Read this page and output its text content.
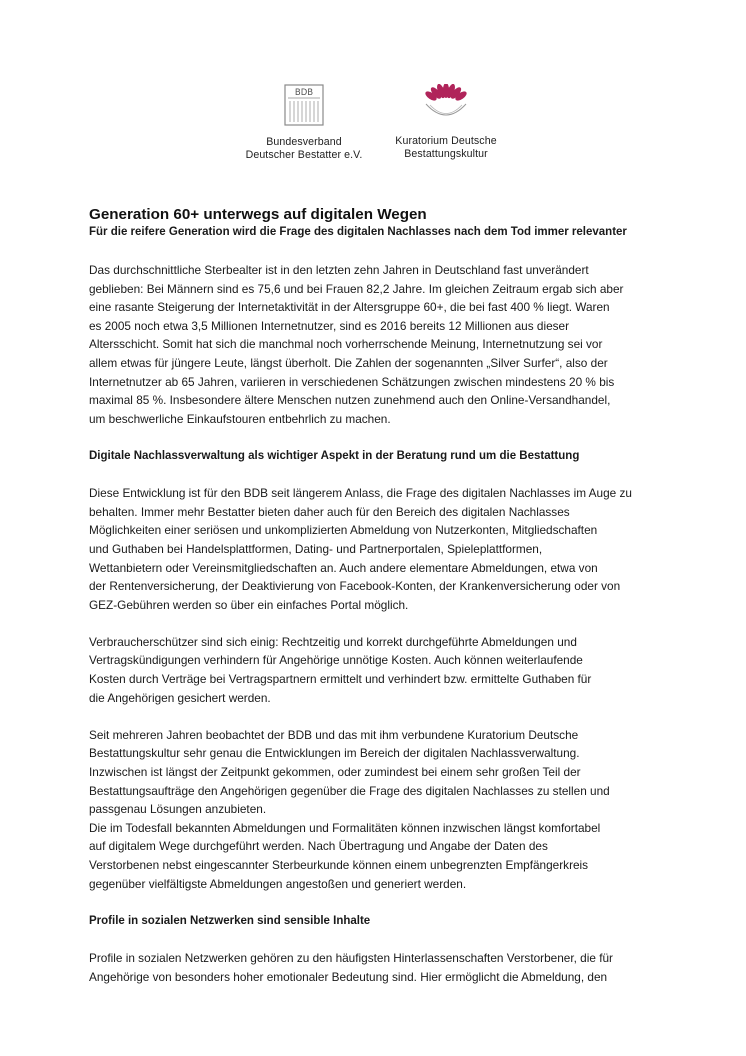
BDB
Bundesverband
Deutscher Bestatter e.V.
Kuratorium Deutsche
Bestattungskultur
Generation 60+ unterwegs auf digitalen Wegen
Für die reifere Generation wird die Frage des digitalen Nachlasses nach dem Tod immer relevanter

Das durchschnittliche Sterbealter ist in den letzten zehn Jahren in Deutschland fast unverändert
geblieben: Bei Männern sind es 75,6 und bei Frauen 82,2 Jahre. Im gleichen Zeitraum ergab sich aber
eine rasante Steigerung der Internetaktivität in der Altersgruppe 60+, die bei fast 400 % liegt. Waren
es 2005 noch etwa 3,5 Millionen Internetnutzer, sind es 2016 bereits 12 Millionen aus dieser
Altersschicht. Somit hat sich die manchmal noch vorherrschende Meinung, Internetnutzung sei vor
allem etwas für jüngere Leute, längst überholt. Die Zahlen der sogenannten „Silver Surfer“, also der
Internetnutzer ab 65 Jahren, variieren in verschiedenen Schätzungen zwischen mindestens 20 % bis
maximal 85 %. Insbesondere ältere Menschen nutzen zunehmend auch den Online-Versandhandel,
um beschwerliche Einkaufstouren entbehrlich zu machen.

Digitale Nachlassverwaltung als wichtiger Aspekt in der Beratung rund um die Bestattung

Diese Entwicklung ist für den BDB seit längerem Anlass, die Frage des digitalen Nachlasses im Auge zu
behalten. Immer mehr Bestatter bieten daher auch für den Bereich des digitalen Nachlasses
Möglichkeiten einer seriösen und unkomplizierten Abmeldung von Nutzerkonten, Mitgliedschaften
und Guthaben bei Handelsplattformen, Dating- und Partnerportalen, Spieleplattformen,
Wettanbietern oder Vereinsmitgliedschaften an. Auch andere elementare Abmeldungen, etwa von
der Rentenversicherung, der Deaktivierung von Facebook-Konten, der Krankenversicherung oder von
GEZ-Gebühren werden so über ein einfaches Portal möglich.

Verbraucherschützer sind sich einig: Rechtzeitig und korrekt durchgeführte Abmeldungen und
Vertragskündigungen verhindern für Angehörige unnötige Kosten. Auch können weiterlaufende
Kosten durch Verträge bei Vertragspartnern ermittelt und verhindert bzw. ermittelte Guthaben für
die Angehörigen gesichert werden.

Seit mehreren Jahren beobachtet der BDB und das mit ihm verbundene Kuratorium Deutsche
Bestattungskultur sehr genau die Entwicklungen im Bereich der digitalen Nachlassverwaltung.
Inzwischen ist längst der Zeitpunkt gekommen, oder zumindest bei einem sehr großen Teil der
Bestattungsaufträge den Angehörigen gegenüber die Frage des digitalen Nachlasses zu stellen und
passgenau Lösungen anzubieten.
Die im Todesfall bekannten Abmeldungen und Formalitäten können inzwischen längst komfortabel
auf digitalem Wege durchgeführt werden. Nach Übertragung und Angabe der Daten des
Verstorbenen nebst eingescannter Sterbeurkunde können einem unbegrenzten Empfängerkreis
gegenüber vielfältigste Abmeldungen angestoßen und generiert werden.

Profile in sozialen Netzwerken sind sensible Inhalte

Profile in sozialen Netzwerken gehören zu den häufigsten Hinterlassenschaften Verstorbener, die für
Angehörige von besonders hoher emotionaler Bedeutung sind. Hier ermöglicht die Abmeldung, den
